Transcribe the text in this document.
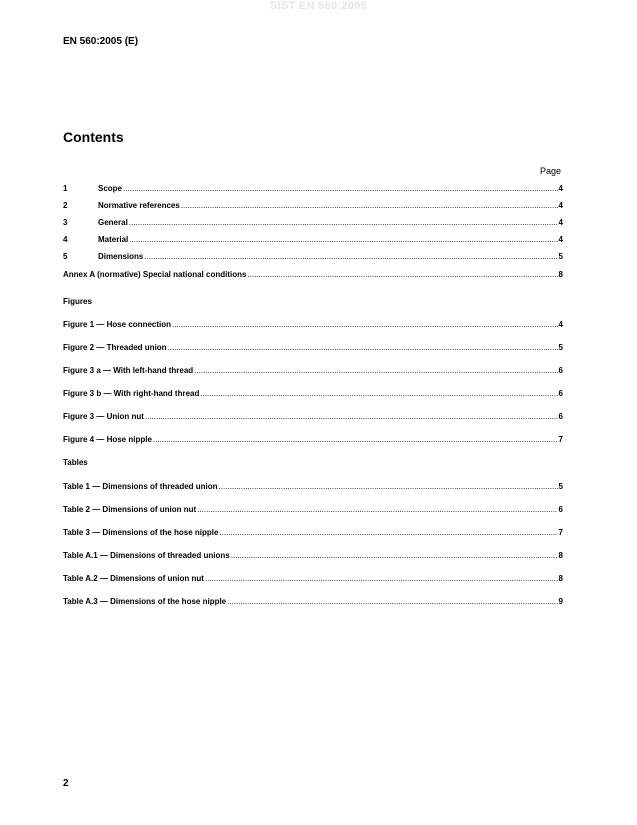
SIST EN 560:2005
EN 560:2005 (E)
Contents
Page
1	Scope .....	4
2	Normative references .....	4
3	General .....	4
4	Material .....	4
5	Dimensions .....	5
Annex A (normative) Special national conditions .....	8
Figures
Figure 1 — Hose connection .....	4
Figure 2 — Threaded union .....	5
Figure 3 a — With left-hand thread .....	6
Figure 3 b — With right-hand thread .....	6
Figure 3 — Union nut .....	6
Figure 4 — Hose nipple .....	7
Tables
Table 1 — Dimensions of threaded union .....	5
Table 2 — Dimensions of union nut .....	6
Table 3 — Dimensions of the hose nipple .....	7
Table A.1 — Dimensions of threaded unions .....	8
Table A.2 — Dimensions of union nut .....	8
Table A.3 — Dimensions of the hose nipple .....	9
2
